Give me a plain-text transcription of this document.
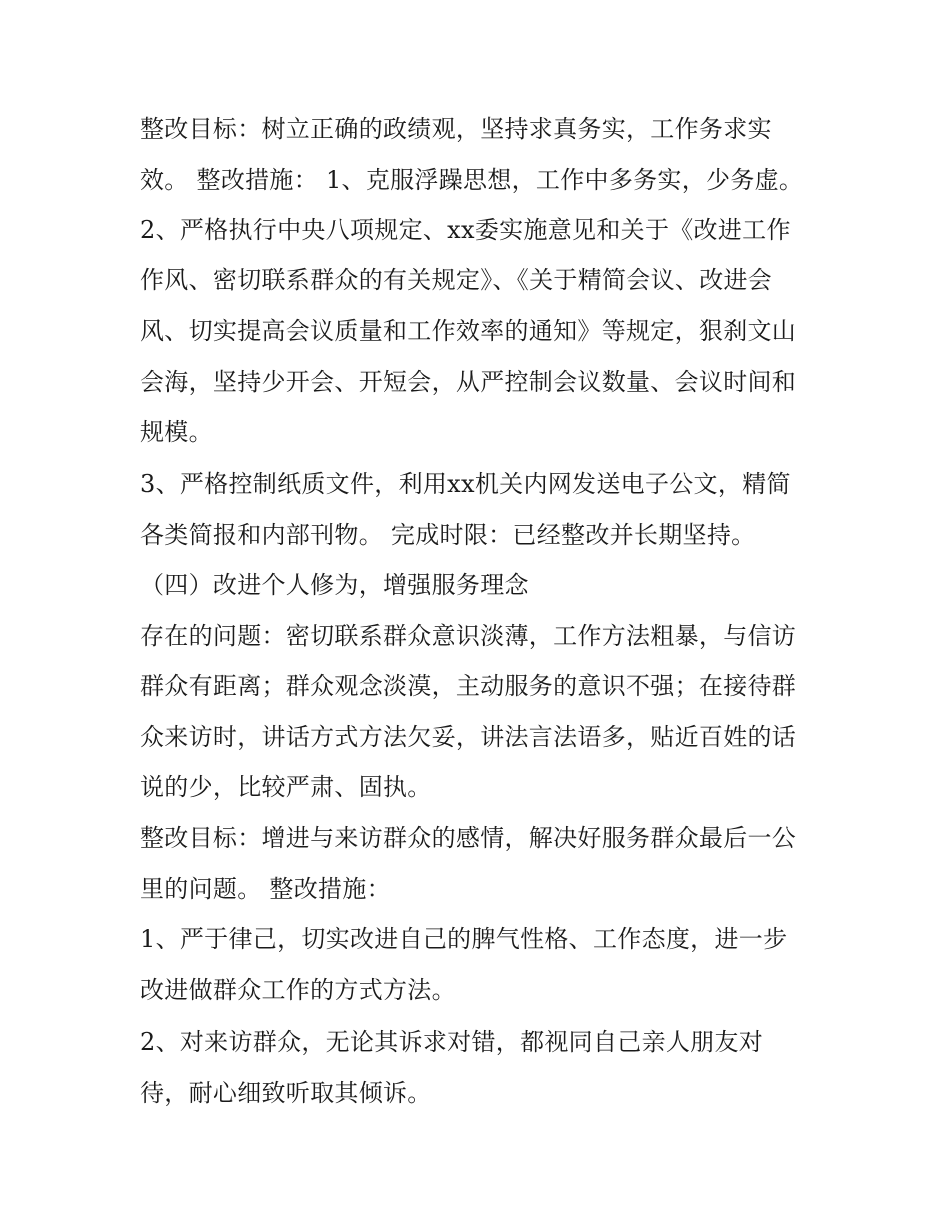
整改目标：树立正确的政绩观，坚持求真务实，工作务求实
效。 整改措施： 1、克服浮躁思想，工作中多务实，少务虚。
2、严格执行中央八项规定、xx委实施意见和关于《改进工作
作风、密切联系群众的有关规定》、《关于精简会议、改进会
风、切实提高会议质量和工作效率的通知》等规定，狠刹文山
会海，坚持少开会、开短会，从严控制会议数量、会议时间和
规模。
3、严格控制纸质文件，利用xx机关内网发送电子公文，精简
各类简报和内部刊物。 完成时限：已经整改并长期坚持。
（四）改进个人修为，增强服务理念
存在的问题：密切联系群众意识淡薄，工作方法粗暴，与信访
群众有距离；群众观念淡漠，主动服务的意识不强；在接待群
众来访时，讲话方式方法欠妥，讲法言法语多，贴近百姓的话
说的少，比较严肃、固执。
整改目标：增进与来访群众的感情，解决好服务群众最后一公
里的问题。 整改措施：
1、严于律己，切实改进自己的脾气性格、工作态度，进一步
改进做群众工作的方式方法。
2、对来访群众，无论其诉求对错，都视同自己亲人朋友对
待，耐心细致听取其倾诉。
